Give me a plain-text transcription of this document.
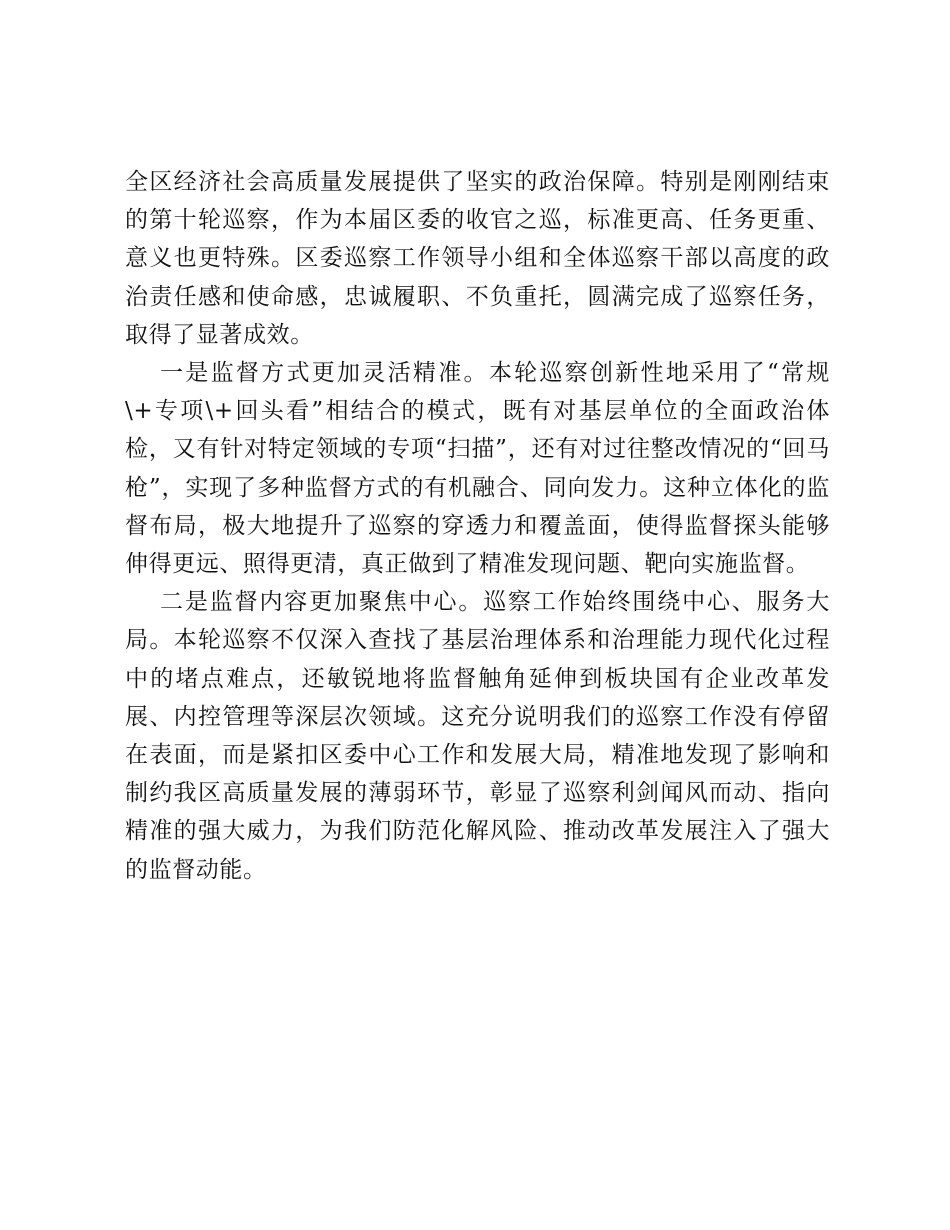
全区经济社会高质量发展提供了坚实的政治保障。特别是刚刚结束的第十轮巡察，作为本届区委的收官之巡，标准更高、任务更重、意义也更特殊。区委巡察工作领导小组和全体巡察干部以高度的政治责任感和使命感，忠诚履职、不负重托，圆满完成了巡察任务，取得了显著成效。

一是监督方式更加灵活精准。本轮巡察创新性地采用了“常规\+专项\+回头看”相结合的模式，既有对基层单位的全面政治体检，又有针对特定领域的专项“扫描”，还有对过往整改情况的“回马枪”，实现了多种监督方式的有机融合、同向发力。这种立体化的监督布局，极大地提升了巡察的穿透力和覆盖面，使得监督探头能够伸得更远、照得更清，真正做到了精准发现问题、靶向实施监督。

二是监督内容更加聚焦中心。巡察工作始终围绕中心、服务大局。本轮巡察不仅深入查找了基层治理体系和治理能力现代化过程中的堵点难点，还敏锐地将监督触角延伸到板块国有企业改革发展、内控管理等深层次领域。这充分说明我们的巡察工作没有停留在表面，而是紧扣区委中心工作和发展大局，精准地发现了影响和制约我区高质量发展的薄弱环节，彰显了巡察利剑闻风而动、指向精准的强大威力，为我们防范化解风险、推动改革发展注入了强大的监督动能。
